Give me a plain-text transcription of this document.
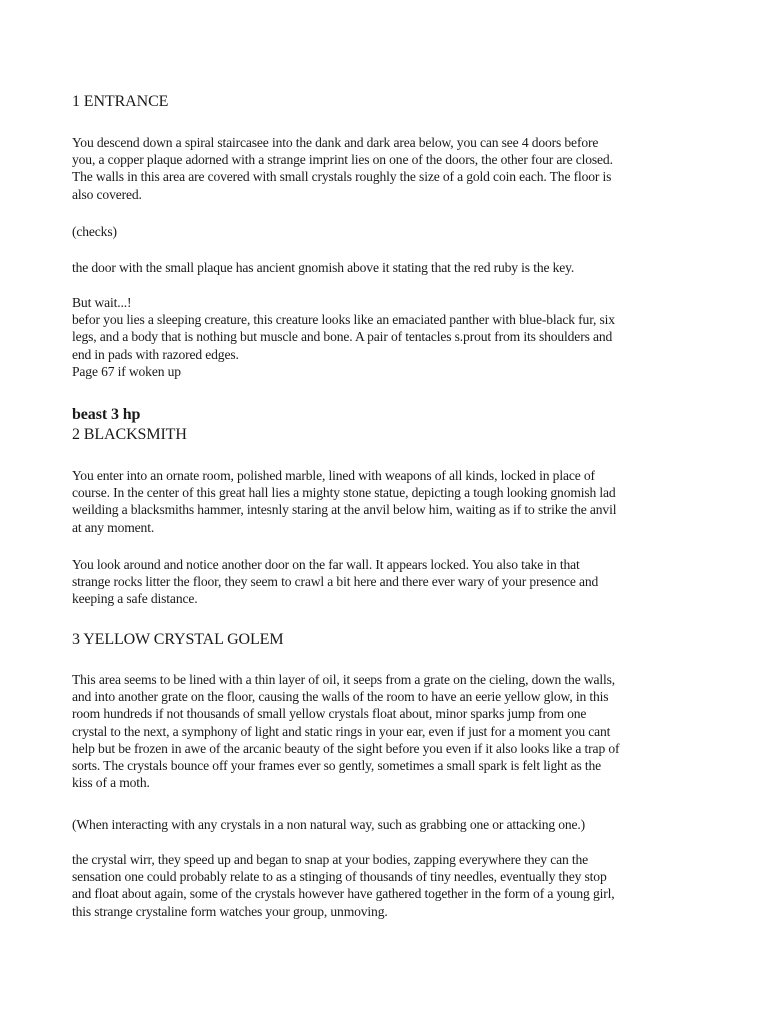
1 ENTRANCE

You descend down a spiral staircasee into the dank and dark area below, you can see 4 doors before
you, a copper plaque adorned with a strange imprint lies on one of the doors, the other four are closed.
The walls in this area are covered with small crystals roughly the size of a gold coin each. The floor is
also covered.

(checks)

the door with the small plaque has ancient gnomish above it stating that the red ruby is the key.

But wait...!
befor you lies a sleeping creature, this creature looks like an emaciated panther with blue-black fur, six
legs, and a body that is nothing but muscle and bone. A pair of tentacles s.prout from its shoulders and
end in pads with razored edges.
Page 67 if woken up

beast 3 hp
2 BLACKSMITH

You enter into an ornate room, polished marble, lined with weapons of all kinds, locked in place of
course. In the center of this great hall lies a mighty stone statue, depicting a tough looking gnomish lad
weilding a blacksmiths hammer, intesnly staring at the anvil below him, waiting as if to strike the anvil
at any moment.

You look around and notice another door on the far wall. It appears locked. You also take in that
strange rocks litter the floor, they seem to crawl a bit here and there ever wary of your presence and
keeping a safe distance.

3 YELLOW CRYSTAL GOLEM

This area seems to be lined with a thin layer of oil, it seeps from a grate on the cieling, down the walls,
and into another grate on the floor, causing the walls of the room to have an eerie yellow glow, in this
room hundreds if not thousands of small yellow crystals float about, minor sparks jump from one
crystal to the next, a symphony of light and static rings in your ear, even if just for a moment you cant
help but be frozen in awe of the arcanic beauty of the sight before you even if it also looks like a trap of
sorts. The crystals bounce off your frames ever so gently, sometimes a small spark is felt light as the
kiss of a moth.

(When interacting with any crystals in a non natural way, such as grabbing one or attacking one.)

the crystal wirr, they speed up and began to snap at your bodies, zapping everywhere they can the
sensation one could probably relate to as a stinging of thousands of tiny needles, eventually they stop
and float about again, some of the crystals however have gathered together in the form of a young girl,
this strange crystaline form watches your group, unmoving.
